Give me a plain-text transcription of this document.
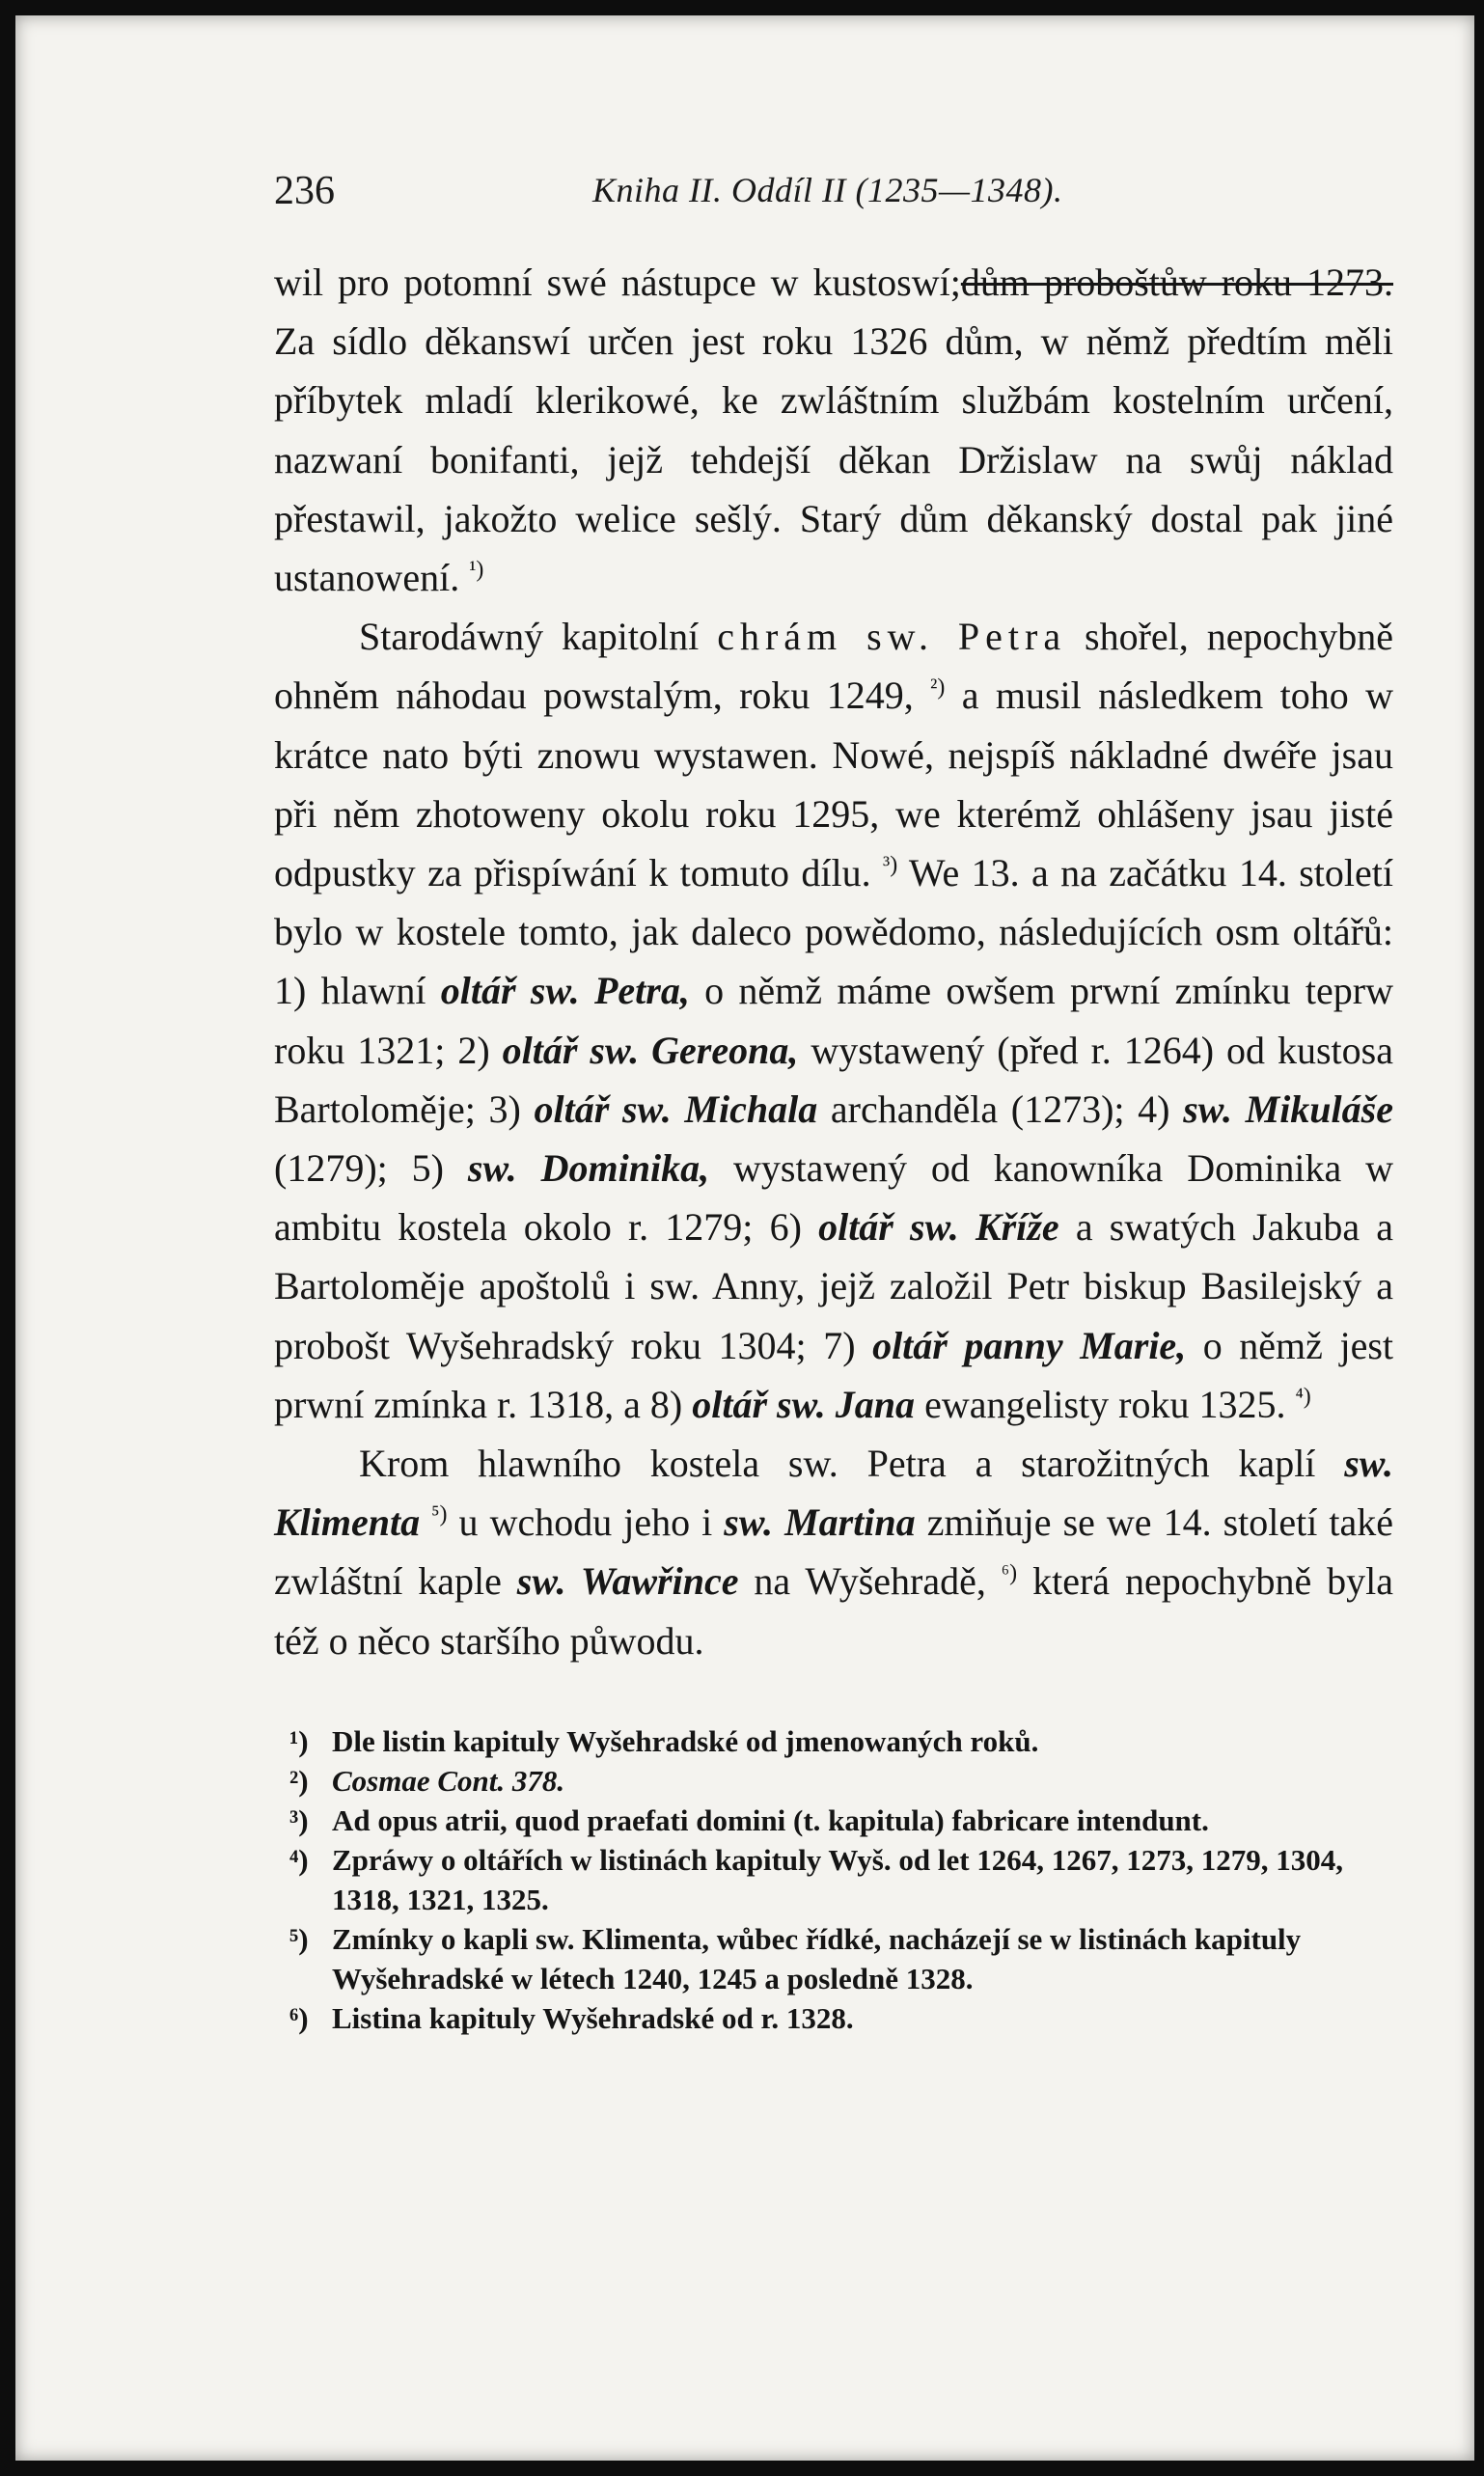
236	Kniha II. Oddíl II (1235—1348).

wil pro potomní swé nástupce w kustoswí;dům proboštůw roku 1273. Za sídlo děkanswí určen jest roku 1326 dům, w němž předtím měli příbytek mladí klerikowé, ke zwláštním službám kostelním určení, nazwaní bonifanti, jejž tehdejší děkan Držislaw na swůj náklad přestawil, jakožto welice sešlý. Starý dům děkanský dostal pak jiné ustanowení. $^{^1)}$

Starodáwný kapitolní chrám sw. Petra shořel, nepochybně ohněm náhodau powstalým, roku 1249, $^{^2)}$ a musil následkem toho w krátce nato býti znowu wystawen. Nowé, nejspíš nákladné dwéře jsau při něm zhotoweny okolu roku 1295, we kterémž ohlášeny jsau jisté odpustky za přispíwání k tomuto dílu. $^{^3)}$ We 13. a na začátku 14. století bylo w kostele tomto, jak daleco powědomo, následujících osm oltářů: 1) hlawní oltář sw. Petra, o němž máme owšem prwní zmínku teprw roku 1321; 2) oltář sw. Gereona, wystawený (před r. 1264) od kustosa Bartoloměje; 3) oltář sw. Michala archanděla (1273); 4) sw. Mikuláše (1279); 5) sw. Dominika, wystawený od kanowníka Dominika w ambitu kostela okolo r. 1279; 6) oltář sw. Kříže a swatých Jakuba a Bartoloměje apoštolů i sw. Anny, jejž založil Petr biskup Basilejský a probošt Wyšehradský roku 1304; 7) oltář panny Marie, o němž jest prwní zmínka r. 1318, a 8) oltář sw. Jana ewangelisty roku 1325. $^{^4)}$

Krom hlawního kostela sw. Petra a starožitných kaplí sw. Klimenta $^{^5)}$ u wchodu jeho i sw. Martina zmiňuje se we 14. století také zwláštní kaple sw. Wawřince na Wyšehradě, $^{^6)}$ která nepochybně byla též o něco staršího půwodu.

¹) Dle listin kapituly Wyšehradské od jmenowaných roků.
²) Cosmae Cont. 378.
³) Ad opus atrii, quod praefati domini (t. kapitula) fabricare intendunt.
⁴) Zpráwy o oltářích w listinách kapituly Wyš. od let 1264, 1267, 1273, 1279, 1304, 1318, 1321, 1325.
⁵) Zmínky o kapli sw. Klimenta, wůbec řídké, nacházejí se w listinách kapituly Wyšehradské w létech 1240, 1245 a posledně 1328.
⁶) Listina kapituly Wyšehradské od r. 1328.
